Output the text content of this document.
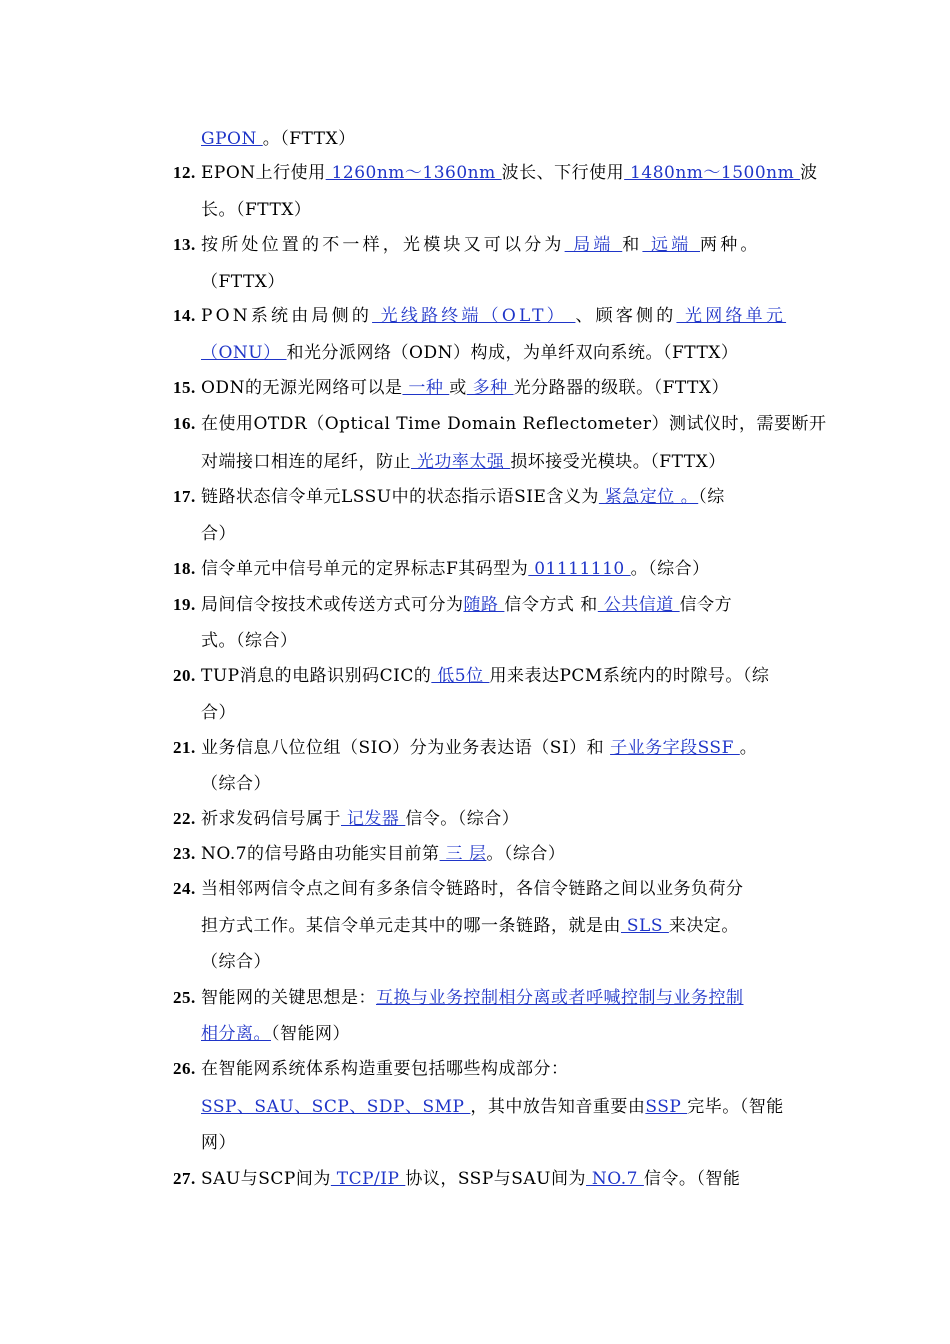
GPON 。（FTTX）
12. EPON上行使用 1260nm～1360nm 波长、下行使用 1480nm～1500nm 波
长。（FTTX）
13. 按所处位置的不一样，光模块又可以分为 局端 和 远端 两种。
（FTTX）
14. PON系统由局侧的 光线路终端（OLT） 、顾客侧的 光网络单元
（ONU） 和光分派网络（ODN）构成，为单纤双向系统。（FTTX）
15. ODN的无源光网络可以是 一种 或 多种 光分路器的级联。（FTTX）
16. 在使用OTDR（Optical Time Domain Reflectometer）测试仪时，需要断开
对端接口相连的尾纤，防止 光功率太强 损坏接受光模块。（FTTX）
17. 链路状态信令单元LSSU中的状态指示语SIE含义为 紧急定位 。（综
合）
18. 信令单元中信号单元的定界标志F其码型为 01111110 。（综合）
19. 局间信令按技术或传送方式可分为随路 信令方式 和 公共信道 信令方
式。（综合）
20. TUP消息的电路识别码CIC的 低5位 用来表达PCM系统内的时隙号。（综
合）
21. 业务信息八位位组（SIO）分为业务表达语（SI）和 子业务字段SSF 。
（综合）
22. 祈求发码信号属于 记发器 信令。（综合）
23. NO.7的信号路由功能实目前第 三 层。（综合）
24. 当相邻两信令点之间有多条信令链路时，各信令链路之间以业务负荷分
担方式工作。某信令单元走其中的哪一条链路，就是由 SLS 来决定。
（综合）
25. 智能网的关键思想是：互换与业务控制相分离或者呼喊控制与业务控制
相分离。（智能网）
26. 在智能网系统体系构造重要包括哪些构成部分：
SSP、SAU、SCP、SDP、SMP ，其中放告知音重要由SSP 完毕。（智能
网）
27. SAU与SCP间为 TCP/IP 协议，SSP与SAU间为 NO.7 信令。（智能
